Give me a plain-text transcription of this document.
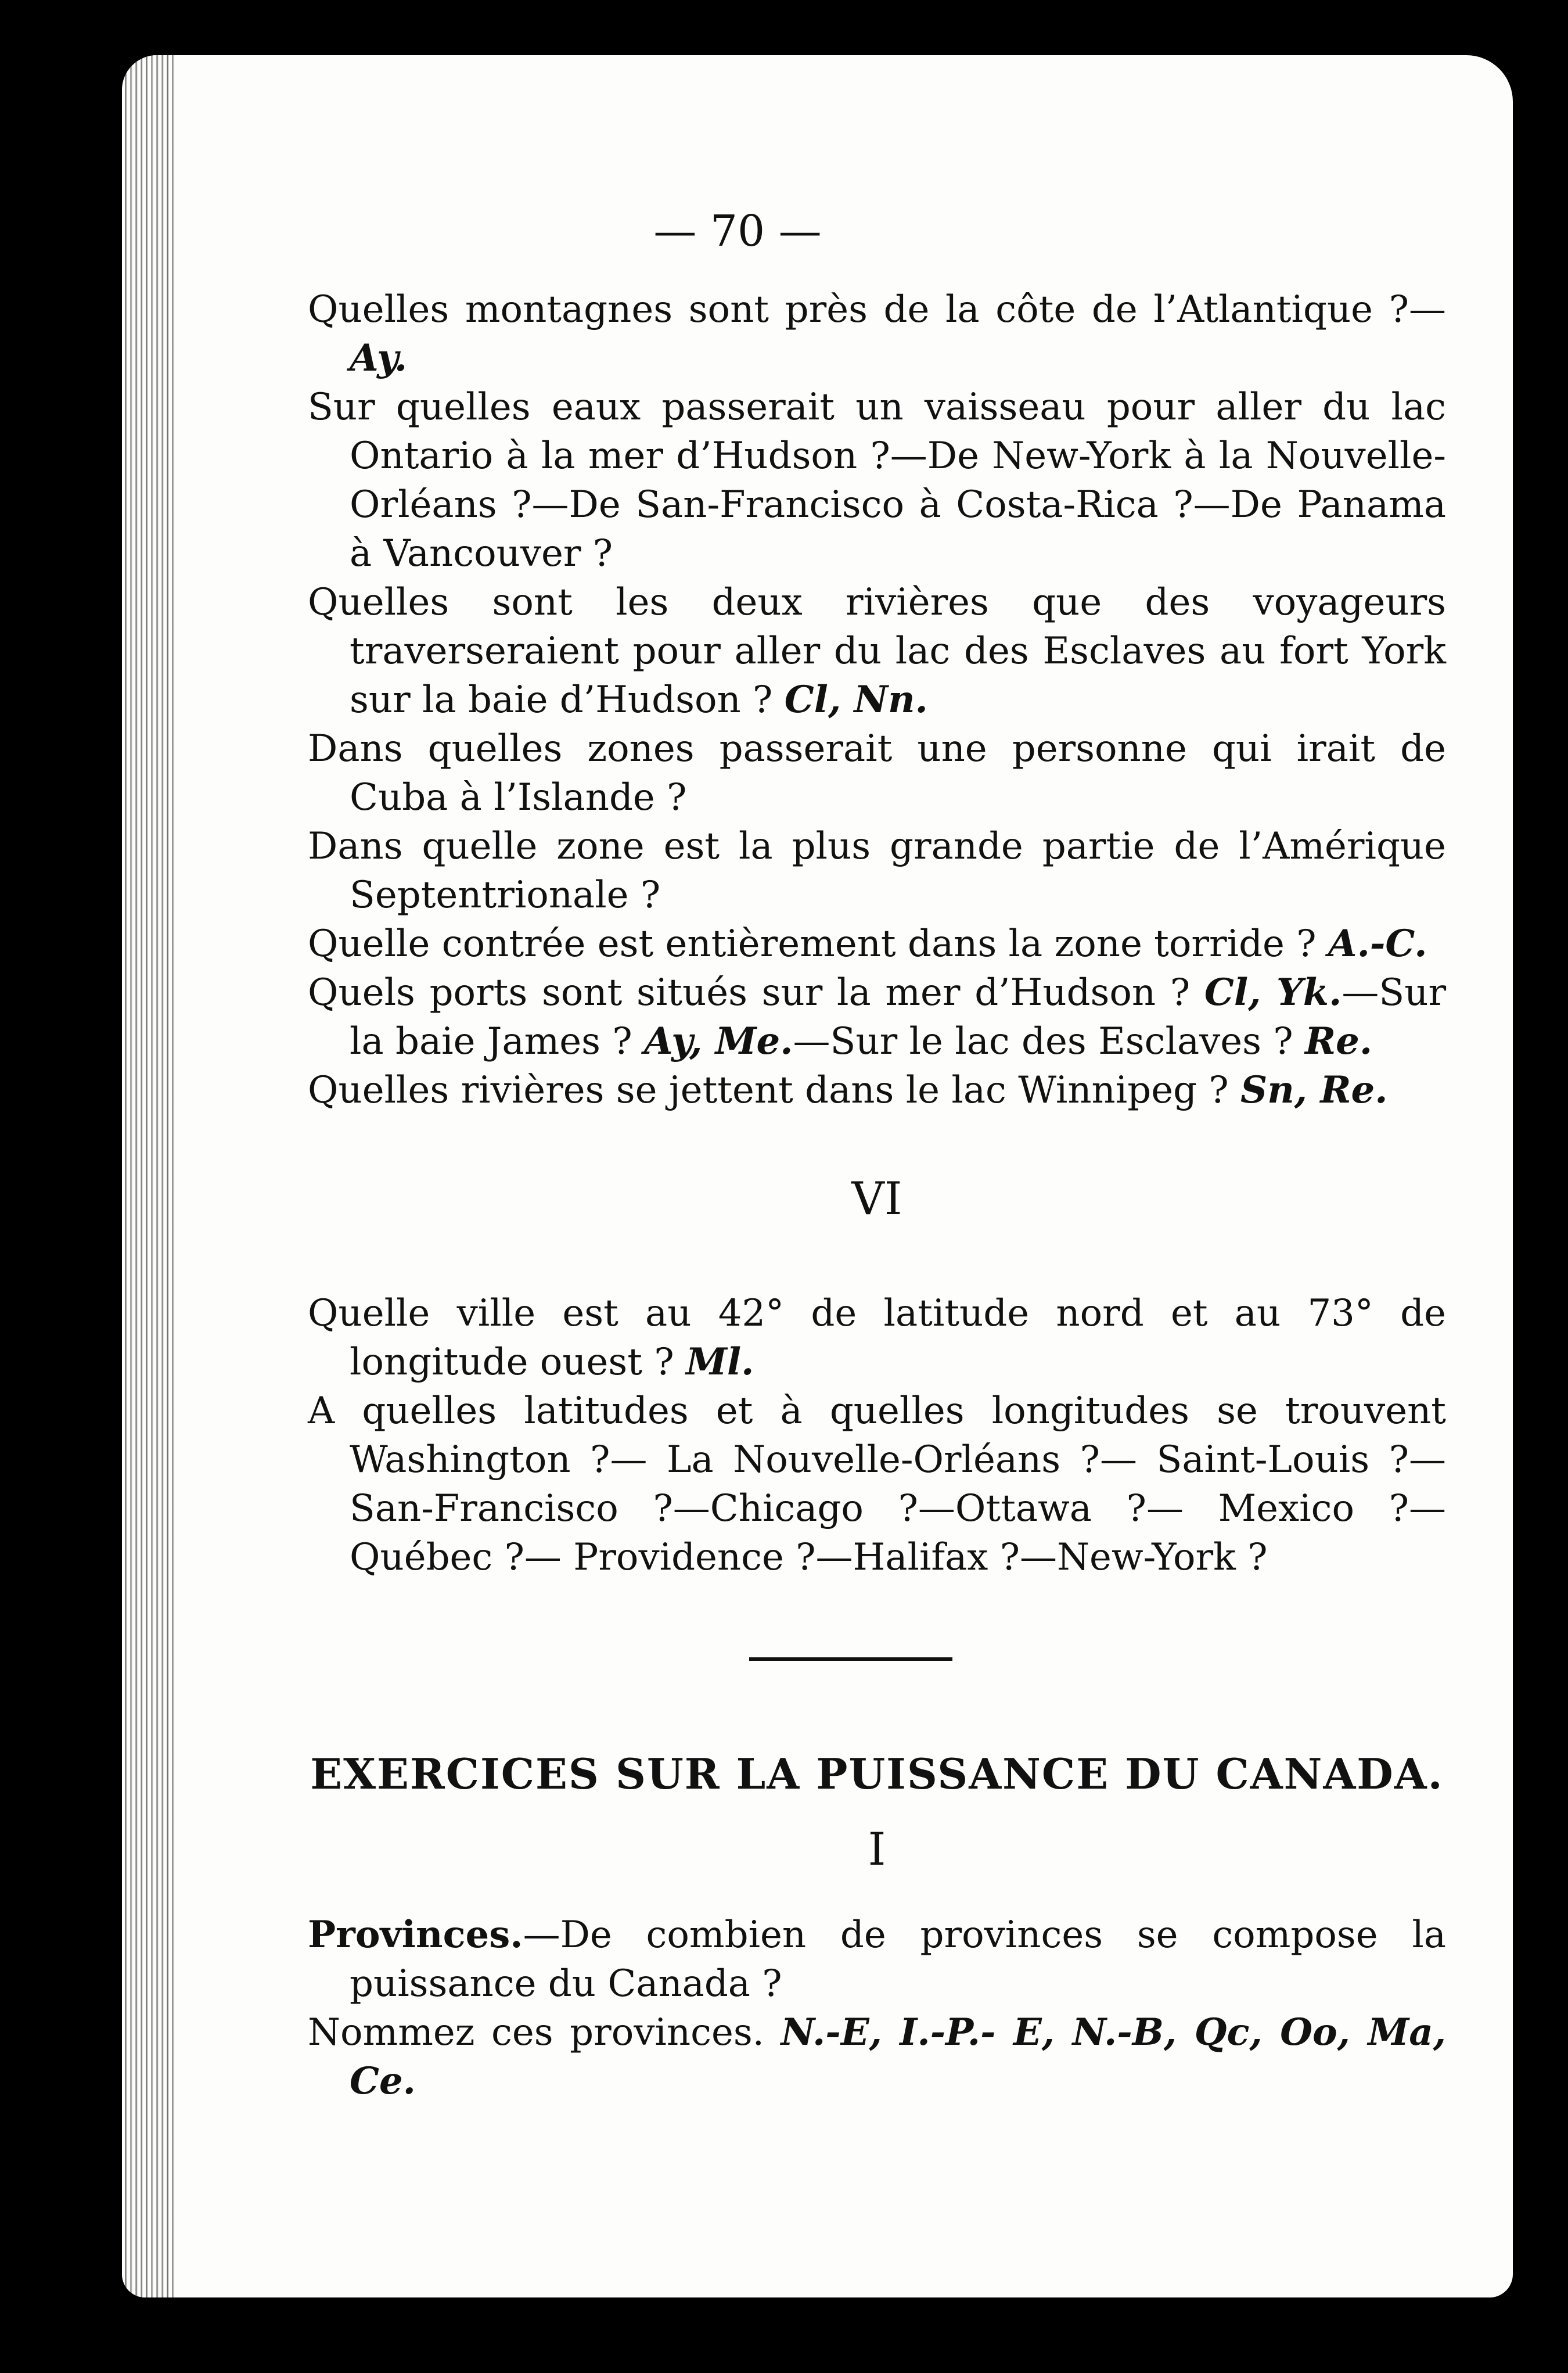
— 70 —

Quelles montagnes sont près de la côte de l’Atlantique ?— Ay.

Sur quelles eaux passerait un vaisseau pour aller du lac Ontario à la mer d’Hudson ?—De New-York à la Nouvelle-Orléans ?—De San-Francisco à Costa-Rica ?—De Panama à Vancouver ?

Quelles sont les deux rivières que des voyageurs traverseraient pour aller du lac des Esclaves au fort York sur la baie d’Hudson ? Cl, Nn.

Dans quelles zones passerait une personne qui irait de Cuba à l’Islande ?

Dans quelle zone est la plus grande partie de l’Amérique Septentrionale ?

Quelle contrée est entièrement dans la zone torride ? A.-C.

Quels ports sont situés sur la mer d’Hudson ? Cl, Yk.—Sur la baie James ? Ay, Me.—Sur le lac des Esclaves ? Re.

Quelles rivières se jettent dans le lac Winnipeg ? Sn, Re.

VI

Quelle ville est au 42° de latitude nord et au 73° de longitude ouest ? Ml.

A quelles latitudes et à quelles longitudes se trouvent Washington ?— La Nouvelle-Orléans ?— Saint-Louis ?— San-Francisco ?—Chicago ?—Ottawa ?— Mexico ?— Québec ?— Providence ?—Halifax ?—New-York ?

EXERCICES SUR LA PUISSANCE DU CANADA.

I

Provinces.—De combien de provinces se compose la puissance du Canada ?

Nommez ces provinces. N.-E, I.-P.- E, N.-B, Qc, Oo, Ma, Ce.
